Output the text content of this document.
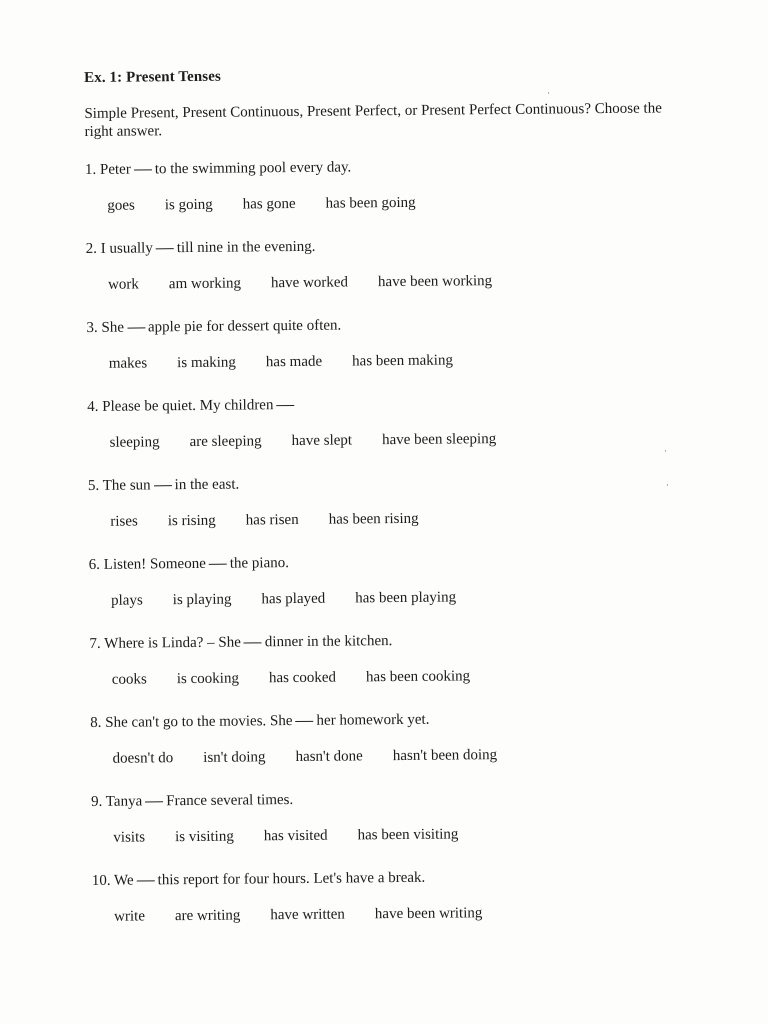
Ex. 1: Present Tenses
Simple Present, Present Continuous, Present Perfect, or Present Perfect Continuous? Choose the right answer.
1. Peter to the swimming pool every day.
goes is going has gone has been going
2. I usually till nine in the evening.
work am working have worked have been working
3. She apple pie for dessert quite often.
makes is making has made has been making
4. Please be quiet. My children
sleeping are sleeping have slept have been sleeping
5. The sun in the east.
rises is rising has risen has been rising
6. Listen! Someone the piano.
plays is playing has played has been playing
7. Where is Linda? – She dinner in the kitchen.
cooks is cooking has cooked has been cooking
8. She can't go to the movies. She her homework yet.
doesn't do isn't doing hasn't done hasn't been doing
9. Tanya France several times.
visits is visiting has visited has been visiting
10. We this report for four hours. Let's have a break.
write are writing have written have been writing
·
·
·
